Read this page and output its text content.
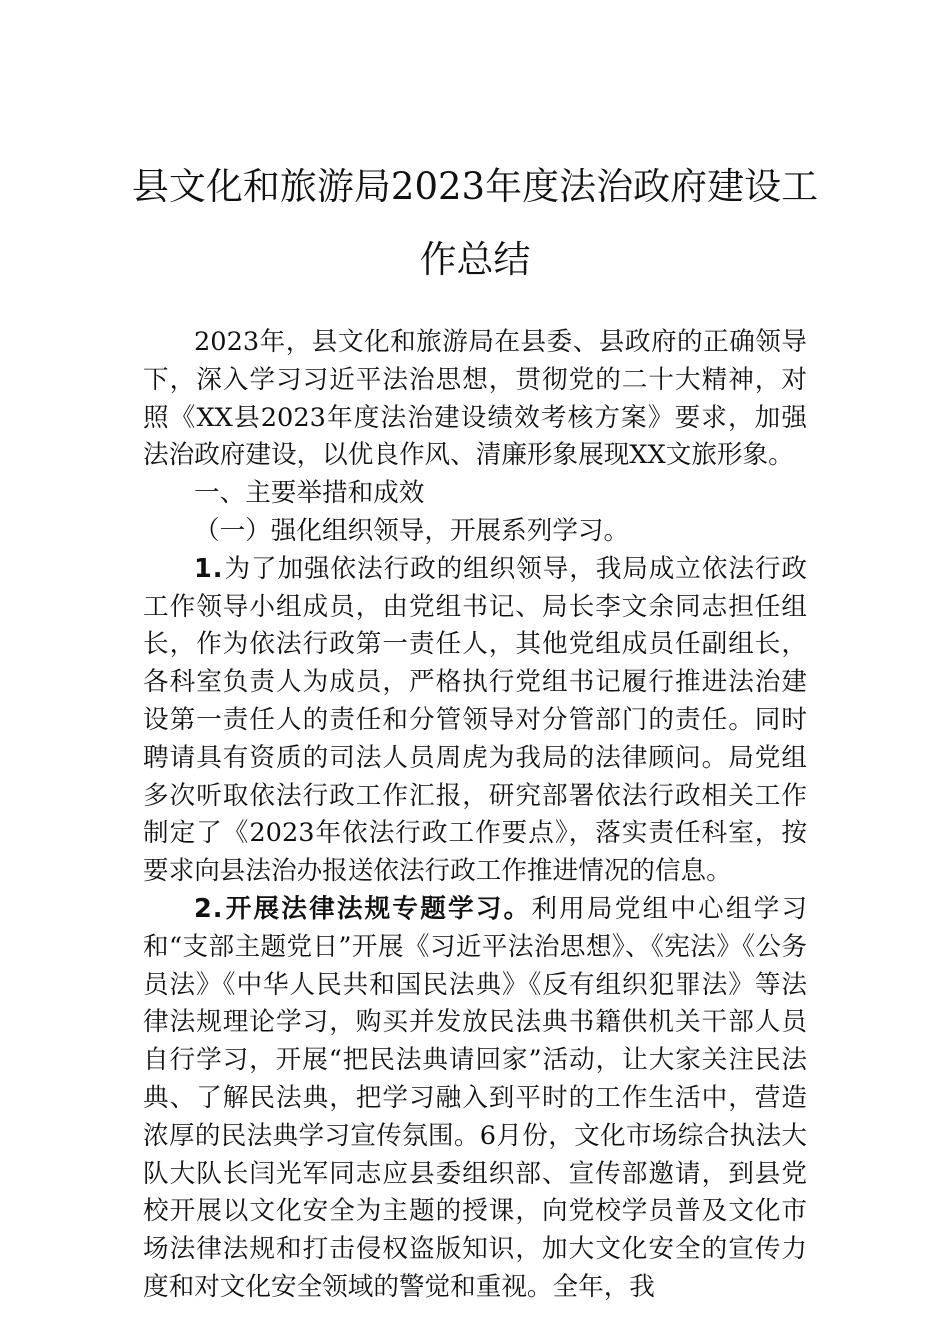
县文化和旅游局2023年度法治政府建设工
作总结

2023年，县文化和旅游局在县委、县政府的正确领导下，深入学习习近平法治思想，贯彻党的二十大精神，对照《XX县2023年度法治建设绩效考核方案》要求，加强法治政府建设，以优良作风、清廉形象展现XX文旅形象。

一、主要举措和成效

（一）强化组织领导，开展系列学习。

1.为了加强依法行政的组织领导，我局成立依法行政工作领导小组成员，由党组书记、局长李文余同志担任组长，作为依法行政第一责任人，其他党组成员任副组长，各科室负责人为成员，严格执行党组书记履行推进法治建设第一责任人的责任和分管领导对分管部门的责任。同时聘请具有资质的司法人员周虎为我局的法律顾问。局党组多次听取依法行政工作汇报，研究部署依法行政相关工作制定了《2023年依法行政工作要点》，落实责任科室，按要求向县法治办报送依法行政工作推进情况的信息。

2.开展法律法规专题学习。利用局党组中心组学习和“支部主题党日”开展《习近平法治思想》、《宪法》《公务员法》《中华人民共和国民法典》《反有组织犯罪法》等法律法规理论学习，购买并发放民法典书籍供机关干部人员自行学习，开展“把民法典请回家”活动，让大家关注民法典、了解民法典，把学习融入到平时的工作生活中，营造浓厚的民法典学习宣传氛围。6月份，文化市场综合执法大队大队长闫光军同志应县委组织部、宣传部邀请，到县党校开展以文化安全为主题的授课，向党校学员普及文化市场法律法规和打击侵权盗版知识，加大文化安全的宣传力度和对文化安全领域的警觉和重视。全年，我
